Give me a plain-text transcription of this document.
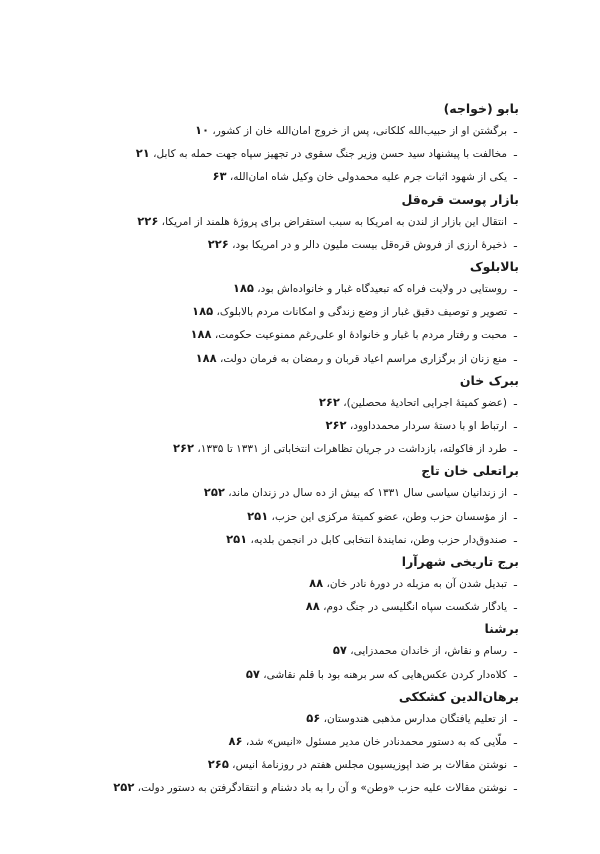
بابو (خواجه)
ـ
برگشتن او از حبیب‌الله کلکانی، پس از خروج امان‌الله خان از کشور، ۱۰
ـ
مخالفت با پیشنهاد سید حسن وزیر جنگ سقوی در تجهیز سپاه جهت حمله به کابل، ۲۱
ـ
یکی از شهود اثبات جرم علیه محمدولی خان وکیل شاه امان‌الله، ۶۳
بازار پوست قره‌قل
ـ
انتقال این بازار از لندن به امریکا به سبب استقراض برای پروژهٔ هلمند از امریکا، ۲۲۶
ـ
ذخیرهٔ ارزی از فروش قره‌قل بیست ملیون دالر و در امریکا بود، ۲۲۶
بالابلوک
ـ
روستایی در ولایت فراه که تبعیدگاه غبار و خانواده‌اش بود، ۱۸۵
ـ
تصویر و توصیف دقیق غبار از وضع زندگی و امکانات مردم بالابلوک، ۱۸۵
ـ
محبت و رفتار مردم با غبار و خانوادهٔ او علی‌رغم ممنوعیت حکومت، ۱۸۸
ـ
منع زنان از برگزاری مراسم اعیاد قربان و رمضان به فرمان دولت، ۱۸۸
ببرک خان
ـ
(عضو کمیتهٔ اجرایی اتحادیهٔ محصلین)، ۲۶۲
ـ
ارتباط او با دستهٔ سردار محمدداوود، ۲۶۲
ـ
طرد از فاکولته، بازداشت در جریان تظاهرات انتخاباتی از ۱۳۳۱ تا ۱۳۳۵، ۲۶۲
براتعلی خان تاج
ـ
از زندانیان سیاسی سال ۱۳۳۱ که بیش از ده سال در زندان ماند، ۲۵۲
ـ
از مؤسسان حزب وطن، عضو کمیتهٔ مرکزی این حزب، ۲۵۱
ـ
صندوق‌دار حزب وطن، نمایندهٔ انتخابی کابل در انجمن بلدیه، ۲۵۱
برج تاریخی شهرآرا
ـ
تبدیل شدن آن به مزبله در دورهٔ نادر خان، ۸۸
ـ
یادگار شکست سپاه انگلیسی در جنگ دوم، ۸۸
برشنا
ـ
رسام و نقاش، از خاندان محمدزایی، ۵۷
ـ
کلاه‌دار کردن عکس‌هایی که سر برهنه بود با قلم نقاشی، ۵۷
برهان‌الدین کشککی
ـ
از تعلیم یافتگان مدارس مذهبی هندوستان، ۵۶
ـ
ملّایی که به دستور محمدنادر خان مدیر مسئول «انیس» شد، ۸۶
ـ
نوشتن مقالات بر ضد اپوزیسیون مجلس هفتم در روزنامهٔ انیس، ۲۶۵
ـ
نوشتن مقالات علیه حزب «وطن» و آن را به باد دشنام و انتقادگرفتن به دستور دولت، ۲۵۲
